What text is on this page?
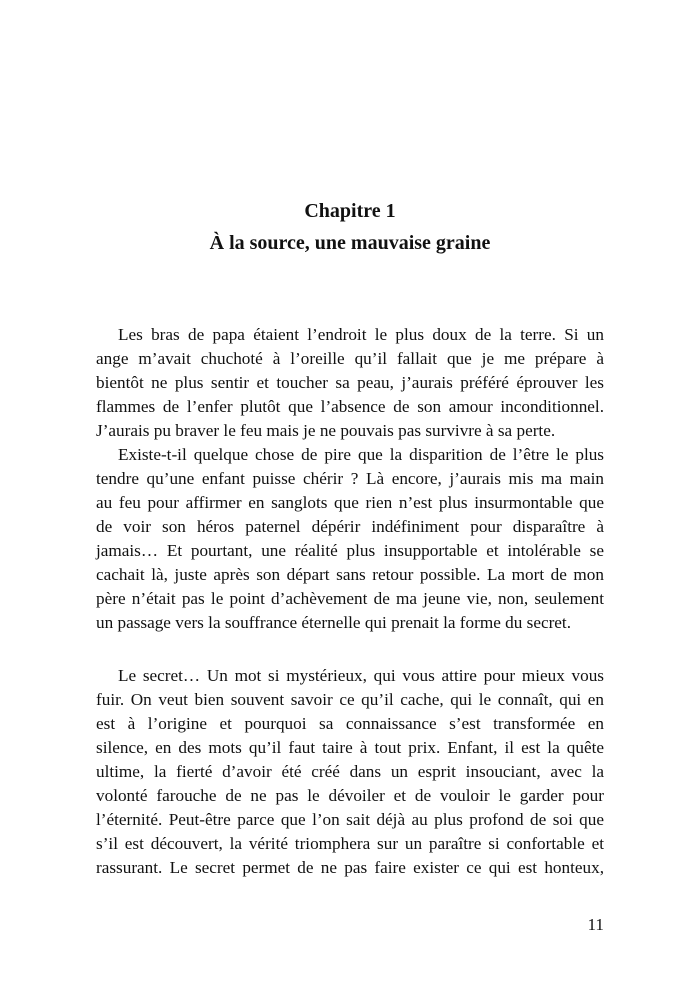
Chapitre 1
À la source, une mauvaise graine
Les bras de papa étaient l’endroit le plus doux de la terre. Si un
ange m’avait chuchoté à l’oreille qu’il fallait que je me prépare à
bientôt ne plus sentir et toucher sa peau, j’aurais préféré éprouver les
flammes de l’enfer plutôt que l’absence de son amour inconditionnel.
J’aurais pu braver le feu mais je ne pouvais pas survivre à sa perte.
Existe-t-il quelque chose de pire que la disparition de l’être le plus
tendre qu’une enfant puisse chérir ? Là encore, j’aurais mis ma main
au feu pour affirmer en sanglots que rien n’est plus insurmontable que
de voir son héros paternel dépérir indéfiniment pour disparaître à
jamais… Et pourtant, une réalité plus insupportable et intolérable se
cachait là, juste après son départ sans retour possible. La mort de mon
père n’était pas le point d’achèvement de ma jeune vie, non, seulement
un passage vers la souffrance éternelle qui prenait la forme du secret.
Le secret… Un mot si mystérieux, qui vous attire pour mieux vous
fuir. On veut bien souvent savoir ce qu’il cache, qui le connaît, qui en
est à l’origine et pourquoi sa connaissance s’est transformée en
silence, en des mots qu’il faut taire à tout prix. Enfant, il est la quête
ultime, la fierté d’avoir été créé dans un esprit insouciant, avec la
volonté farouche de ne pas le dévoiler et de vouloir le garder pour
l’éternité. Peut-être parce que l’on sait déjà au plus profond de soi que
s’il est découvert, la vérité triomphera sur un paraître si confortable et
rassurant. Le secret permet de ne pas faire exister ce qui est honteux,
11
